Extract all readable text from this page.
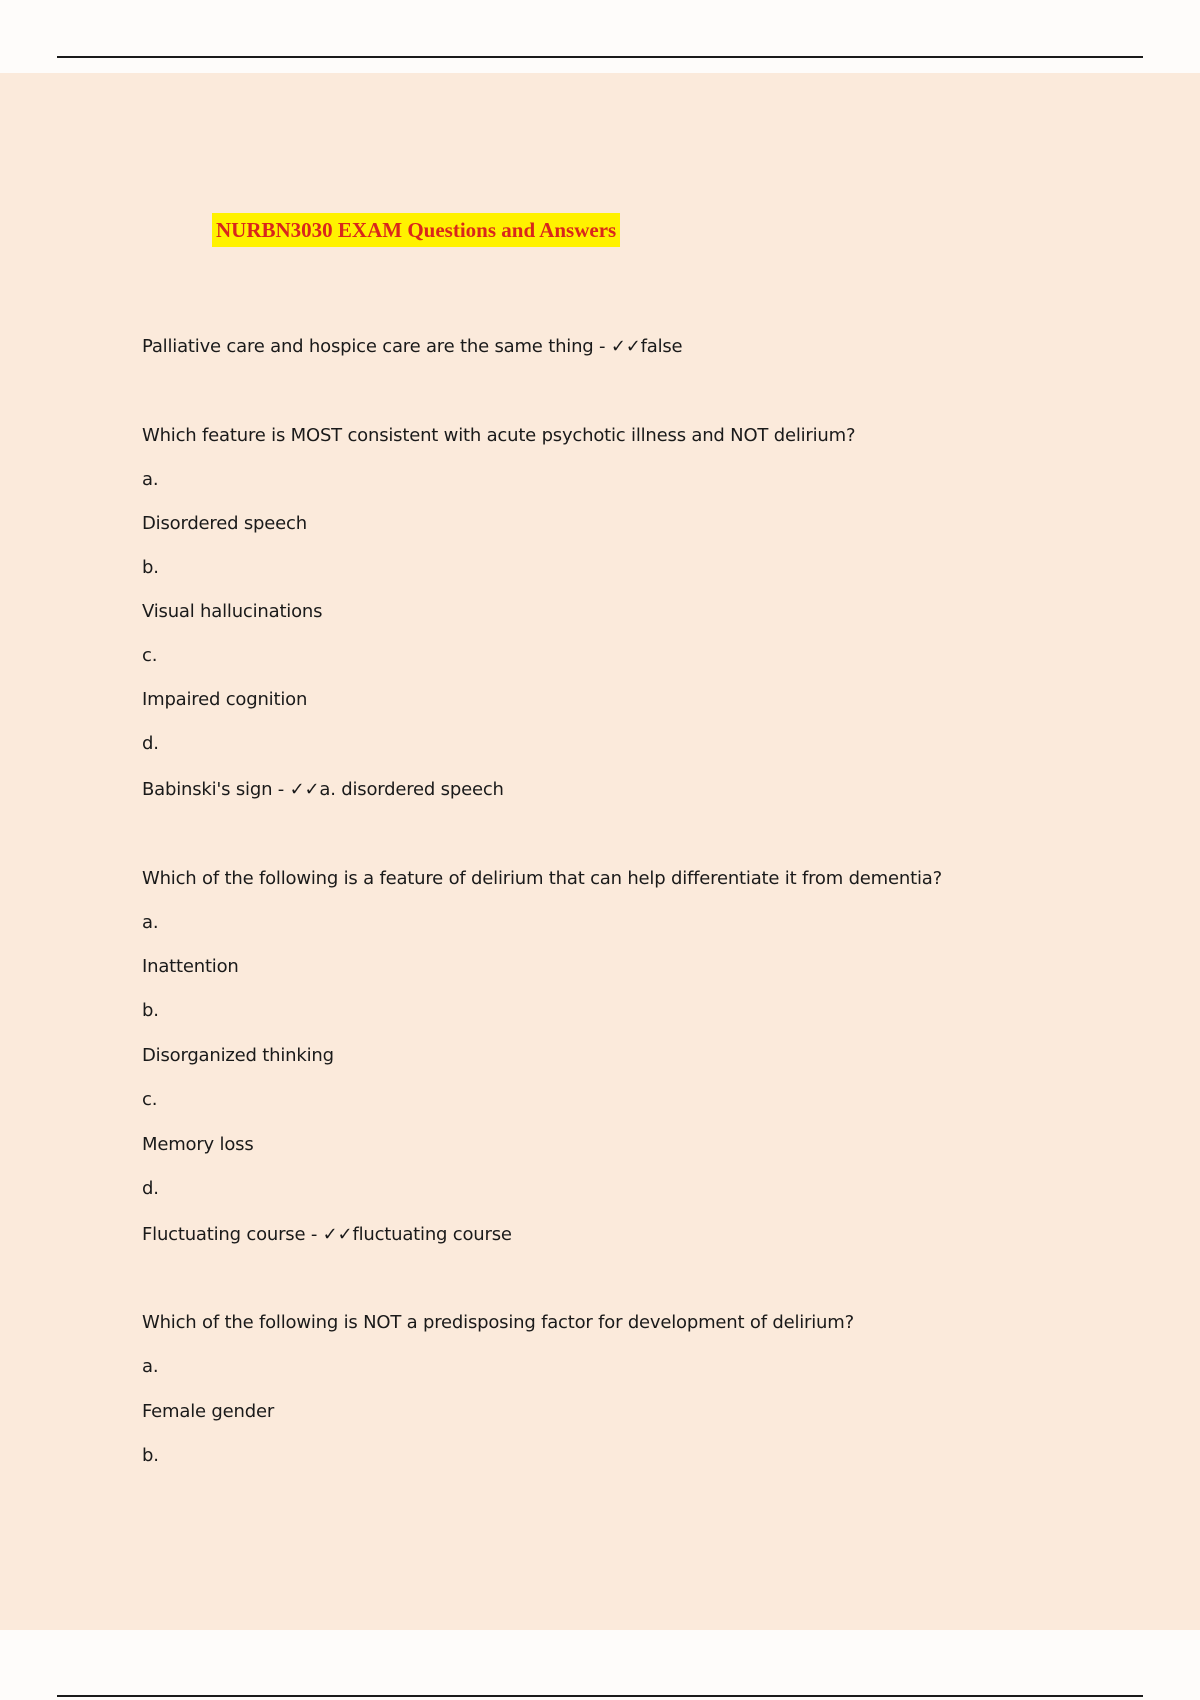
NURBN3030 EXAM Questions and Answers
Palliative care and hospice care are the same thing - ✓✓false
Which feature is MOST consistent with acute psychotic illness and NOT delirium?
a.
Disordered speech
b.
Visual hallucinations
c.
Impaired cognition
d.
Babinski's sign - ✓✓a. disordered speech
Which of the following is a feature of delirium that can help differentiate it from dementia?
a.
Inattention
b.
Disorganized thinking
c.
Memory loss
d.
Fluctuating course - ✓✓fluctuating course
Which of the following is NOT a predisposing factor for development of delirium?
a.
Female gender
b.
